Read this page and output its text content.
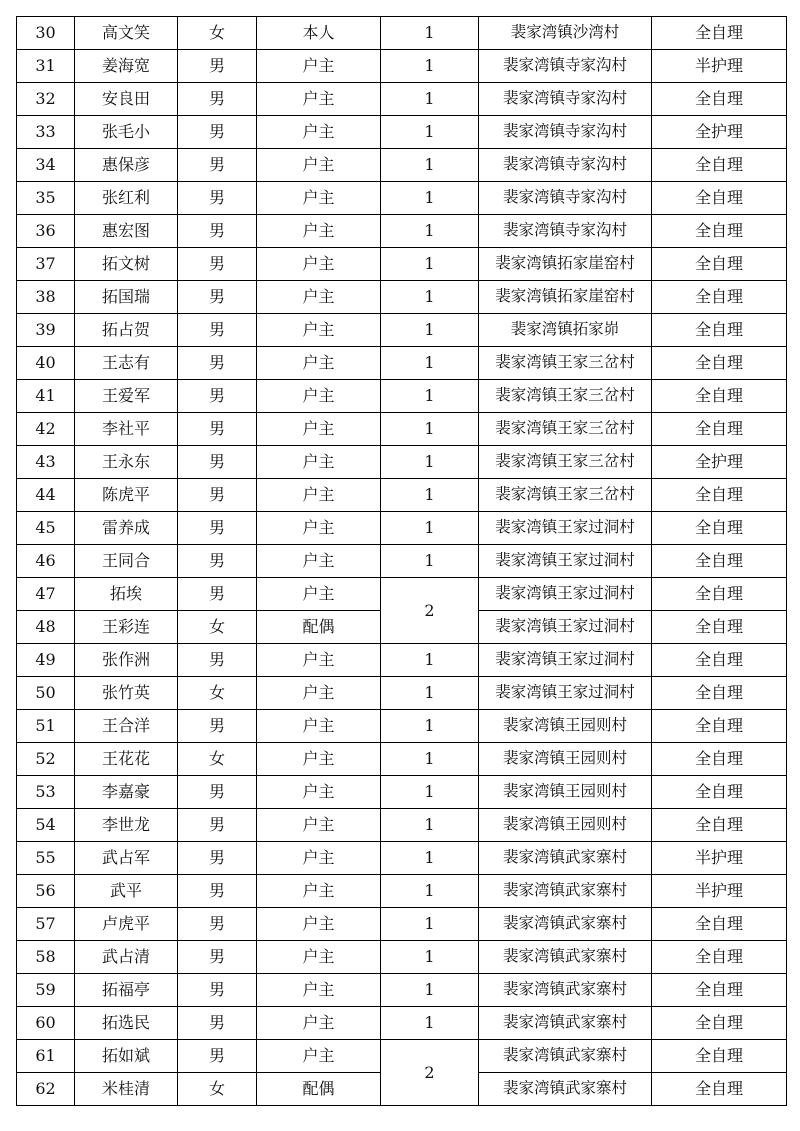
30	高文笑	女	本人	1	裴家湾镇沙湾村	全自理
31	姜海宽	男	户主	1	裴家湾镇寺家沟村	半护理
32	安良田	男	户主	1	裴家湾镇寺家沟村	全自理
33	张毛小	男	户主	1	裴家湾镇寺家沟村	全护理
34	惠保彦	男	户主	1	裴家湾镇寺家沟村	全自理
35	张红利	男	户主	1	裴家湾镇寺家沟村	全自理
36	惠宏图	男	户主	1	裴家湾镇寺家沟村	全自理
37	拓文树	男	户主	1	裴家湾镇拓家崖窑村	全自理
38	拓国瑞	男	户主	1	裴家湾镇拓家崖窑村	全自理
39	拓占贺	男	户主	1	裴家湾镇拓家峁	全自理
40	王志有	男	户主	1	裴家湾镇王家三岔村	全自理
41	王爱军	男	户主	1	裴家湾镇王家三岔村	全自理
42	李社平	男	户主	1	裴家湾镇王家三岔村	全自理
43	王永东	男	户主	1	裴家湾镇王家三岔村	全护理
44	陈虎平	男	户主	1	裴家湾镇王家三岔村	全自理
45	雷养成	男	户主	1	裴家湾镇王家过洞村	全自理
46	王同合	男	户主	1	裴家湾镇王家过洞村	全自理
47	拓埃	男	户主	2	裴家湾镇王家过洞村	全自理
48	王彩连	女	配偶		裴家湾镇王家过洞村	全自理
49	张作洲	男	户主	1	裴家湾镇王家过洞村	全自理
50	张竹英	女	户主	1	裴家湾镇王家过洞村	全自理
51	王合洋	男	户主	1	裴家湾镇王园则村	全自理
52	王花花	女	户主	1	裴家湾镇王园则村	全自理
53	李嘉豪	男	户主	1	裴家湾镇王园则村	全自理
54	李世龙	男	户主	1	裴家湾镇王园则村	全自理
55	武占军	男	户主	1	裴家湾镇武家寨村	半护理
56	武平	男	户主	1	裴家湾镇武家寨村	半护理
57	卢虎平	男	户主	1	裴家湾镇武家寨村	全自理
58	武占清	男	户主	1	裴家湾镇武家寨村	全自理
59	拓福亭	男	户主	1	裴家湾镇武家寨村	全自理
60	拓选民	男	户主	1	裴家湾镇武家寨村	全自理
61	拓如斌	男	户主	2	裴家湾镇武家寨村	全自理
62	米桂清	女	配偶		裴家湾镇武家寨村	全自理
